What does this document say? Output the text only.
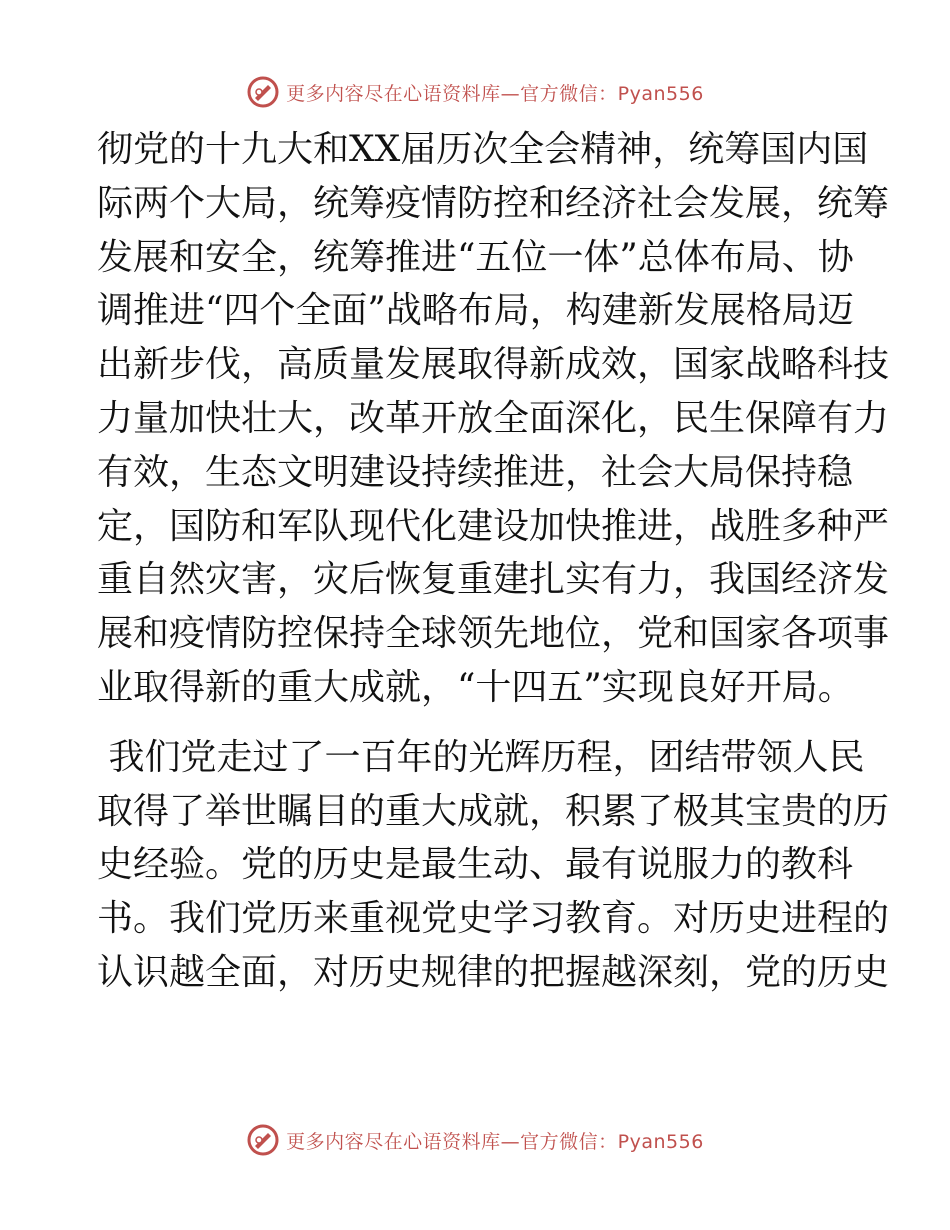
更多内容尽在心语资料库—官方微信：Pyan556
彻党的十九大和XX届历次全会精神，统筹国内国
际两个大局，统筹疫情防控和经济社会发展，统筹
发展和安全，统筹推进“五位一体”总体布局、协
调推进“四个全面”战略布局，构建新发展格局迈
出新步伐，高质量发展取得新成效，国家战略科技
力量加快壮大，改革开放全面深化，民生保障有力
有效，生态文明建设持续推进，社会大局保持稳
定，国防和军队现代化建设加快推进，战胜多种严
重自然灾害，灾后恢复重建扎实有力，我国经济发
展和疫情防控保持全球领先地位，党和国家各项事
业取得新的重大成就，“十四五”实现良好开局。
我们党走过了一百年的光辉历程，团结带领人民
取得了举世瞩目的重大成就，积累了极其宝贵的历
史经验。党的历史是最生动、最有说服力的教科
书。我们党历来重视党史学习教育。对历史进程的
认识越全面，对历史规律的把握越深刻，党的历史
更多内容尽在心语资料库—官方微信：Pyan556
